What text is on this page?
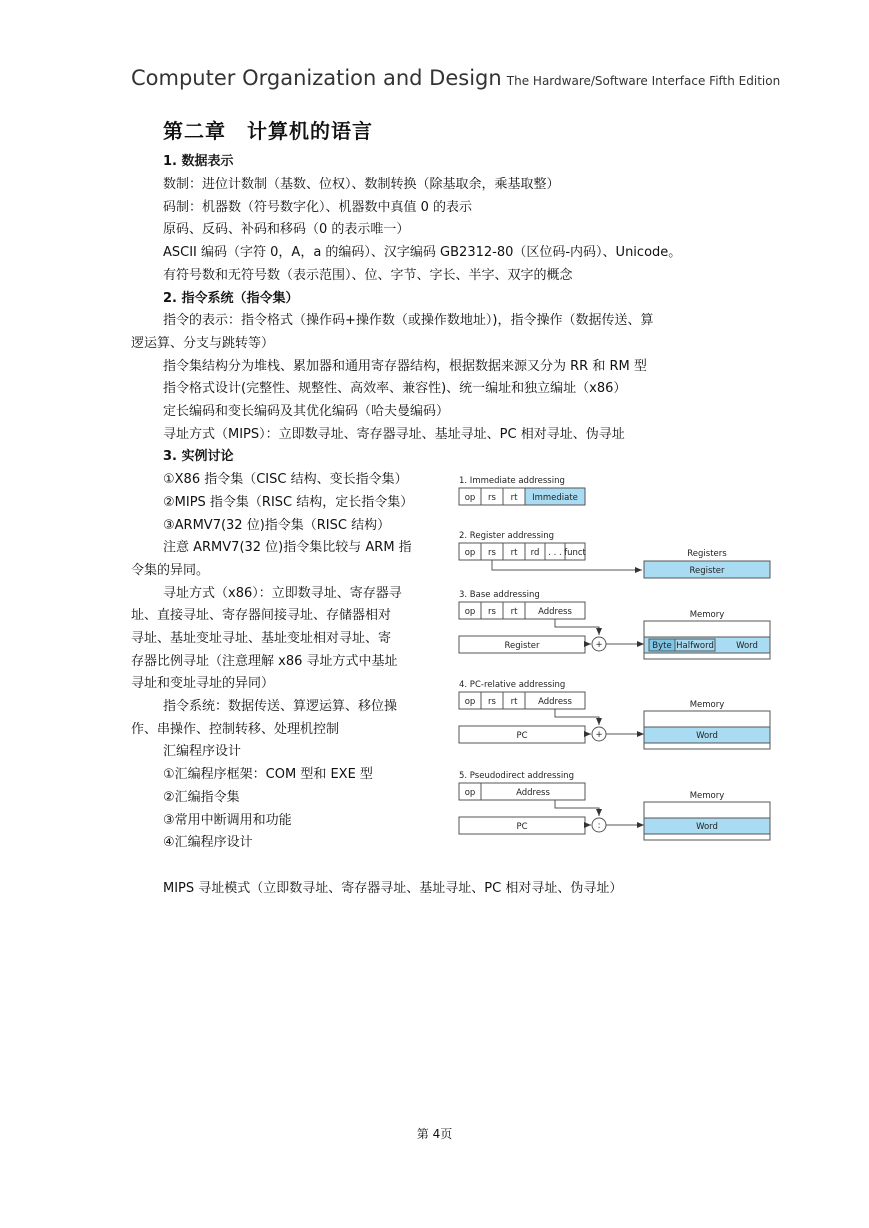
Computer Organization and Design The Hardware/Software Interface Fifth Edition
第二章　计算机的语言
1. 数据表示
数制：进位计数制（基数、位权）、数制转换（除基取余，乘基取整）
码制：机器数（符号数字化）、机器数中真值 0 的表示
原码、反码、补码和移码（0 的表示唯一）
ASCII 编码（字符 0，A，a 的编码）、汉字编码 GB2312-80（区位码-内码）、Unicode。
有符号数和无符号数（表示范围）、位、字节、字长、半字、双字的概念
2. 指令系统（指令集）
指令的表示：指令格式（操作码+操作数（或操作数地址）)，指令操作（数据传送、算
逻运算、分支与跳转等）
指令集结构分为堆栈、累加器和通用寄存器结构，根据数据来源又分为 RR 和 RM 型
指令格式设计(完整性、规整性、高效率、兼容性)、统一编址和独立编址（x86）
定长编码和变长编码及其优化编码（哈夫曼编码）
寻址方式（MIPS）：立即数寻址、寄存器寻址、基址寻址、PC 相对寻址、伪寻址
3. 实例讨论
①X86 指令集（CISC 结构、变长指令集）
②MIPS 指令集（RISC 结构，定长指令集）
③ARMV7(32 位)指令集（RISC 结构）
注意 ARMV7(32 位)指令集比较与 ARM 指
令集的异同。
寻址方式（x86）：立即数寻址、寄存器寻
址、直接寻址、寄存器间接寻址、存储器相对
寻址、基址变址寻址、基址变址相对寻址、寄
存器比例寻址（注意理解 x86 寻址方式中基址
寻址和变址寻址的异同）
指令系统：数据传送、算逻运算、移位操
作、串操作、控制转移、处理机控制
汇编程序设计
①汇编程序框架：COM 型和 EXE 型
②汇编指令集
③常用中断调用和功能
④汇编程序设计
1. Immediate addressing
op rs rt Immediate
2. Register addressing
op rs rt rd . . . funct	Registers
Register
3. Base addressing
op rs rt Address
Register	+
Memory
Byte Halfword	Word
4. PC-relative addressing
op rs rt Address
PC	+
Memory
Word
5. Pseudodirect addressing
op	Address
PC	:
Memory
Word
MIPS 寻址模式（立即数寻址、寄存器寻址、基址寻址、PC 相对寻址、伪寻址）
第 4页
